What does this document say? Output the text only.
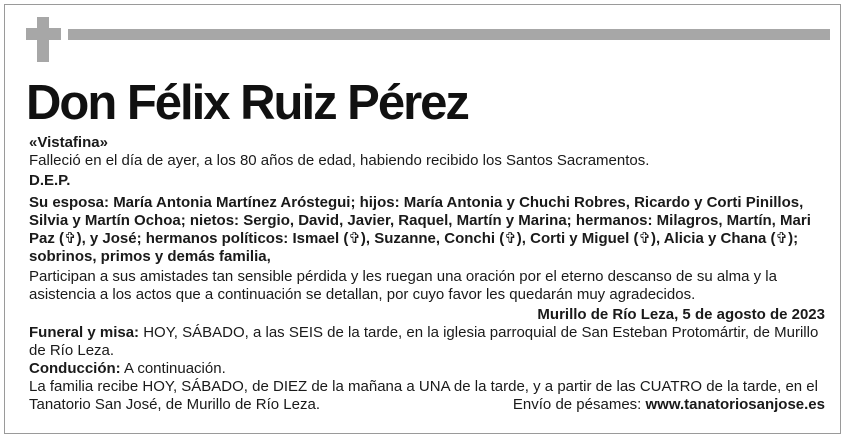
Don Félix Ruiz Pérez

«Vistafina»

Falleció en el día de ayer, a los 80 años de edad, habiendo recibido los Santos Sacramentos.

D.E.P.

Su esposa: María Antonia Martínez Aróstegui; hijos: María Antonia y Chuchi Robres, Ricardo y Corti Pinillos, Silvia y Martín Ochoa; nietos: Sergio, David, Javier, Raquel, Martín y Marina; hermanos: Milagros, Martín, Mari Paz (✞), y José; hermanos políticos: Ismael (✞), Suzanne, Conchi (✞), Corti y Miguel (✞), Alicia y Chana (✞); sobrinos, primos y demás familia,

Participan a sus amistades tan sensible pérdida y les ruegan una oración por el eterno descanso de su alma y la asistencia a los actos que a continuación se detallan, por cuyo favor les quedarán muy agradecidos.

Murillo de Río Leza, 5 de agosto de 2023

Funeral y misa: HOY, SÁBADO, a las SEIS de la tarde, en la iglesia parroquial de San Esteban Protomártir, de Murillo de Río Leza.

Conducción: A continuación.

La familia recibe HOY, SÁBADO, de DIEZ de la mañana a UNA de la tarde, y a partir de las CUATRO de la tarde, en el Tanatorio San José, de Murillo de Río Leza.	Envío de pésames: www.tanatoriosanjose.es
